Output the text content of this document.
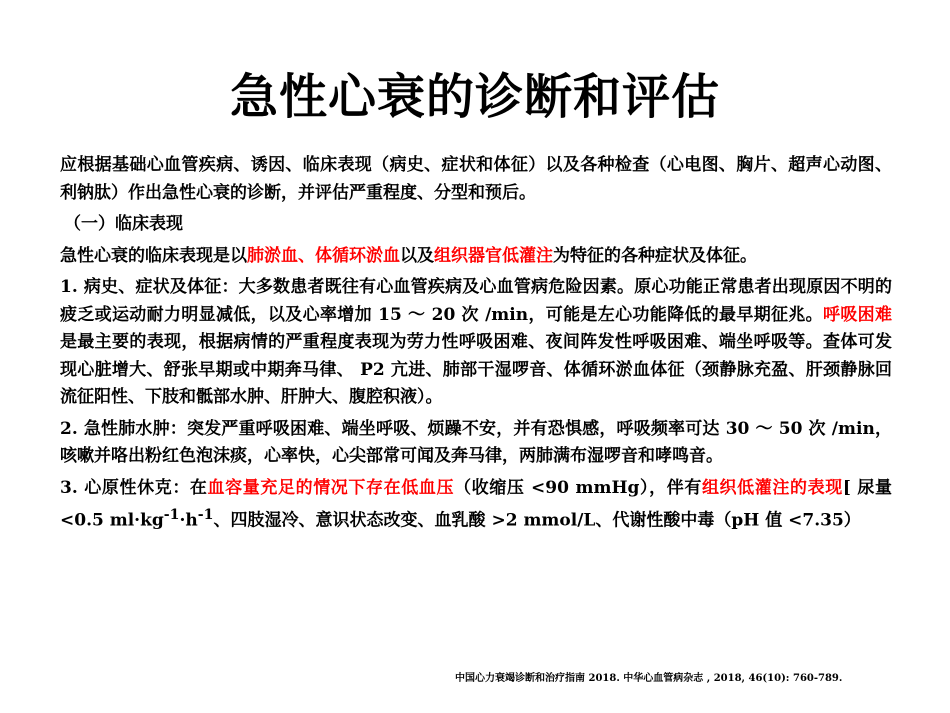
急性心衰的诊断和评估

应根据基础心血管疾病、诱因、临床表现（病史、症状和体征）以及各种检查（心电图、胸片、超声心动图、利钠肽）作出急性心衰的诊断，并评估严重程度、分型和预后。

（一）临床表现

急性心衰的临床表现是以肺淤血、体循环淤血以及组织器官低灌注为特征的各种症状及体征。

1. 病史、症状及体征：大多数患者既往有心血管疾病及心血管病危险因素。原心功能正常患者出现原因不明的疲乏或运动耐力明显减低，以及心率增加 15 ～ 20 次 /min，可能是左心功能降低的最早期征兆。呼吸困难是最主要的表现，根据病情的严重程度表现为劳力性呼吸困难、夜间阵发性呼吸困难、端坐呼吸等。查体可发现心脏增大、舒张早期或中期奔马律、 P2 亢进、肺部干湿啰音、体循环淤血体征（颈静脉充盈、肝颈静脉回流征阳性、下肢和骶部水肿、肝肿大、腹腔积液）。

2. 急性肺水肿：突发严重呼吸困难、端坐呼吸、烦躁不安，并有恐惧感，呼吸频率可达 30 ～ 50 次 /min，咳嗽并咯出粉红色泡沫痰，心率快，心尖部常可闻及奔马律，两肺满布湿啰音和哮鸣音。

3. 心原性休克：在血容量充足的情况下存在低血压（收缩压 <90 mmHg），伴有组织低灌注的表现[ 尿量 <0.5 $ml\cdot kg^{-1}\cdot h^{-1}$、四肢湿冷、意识状态改变、血乳酸 >2 mmol/L、代谢性酸中毒（pH 值 <7.35）

中国心力衰竭诊断和治疗指南 2018. 中华心血管病杂志 , 2018, 46(10): 760-789.
